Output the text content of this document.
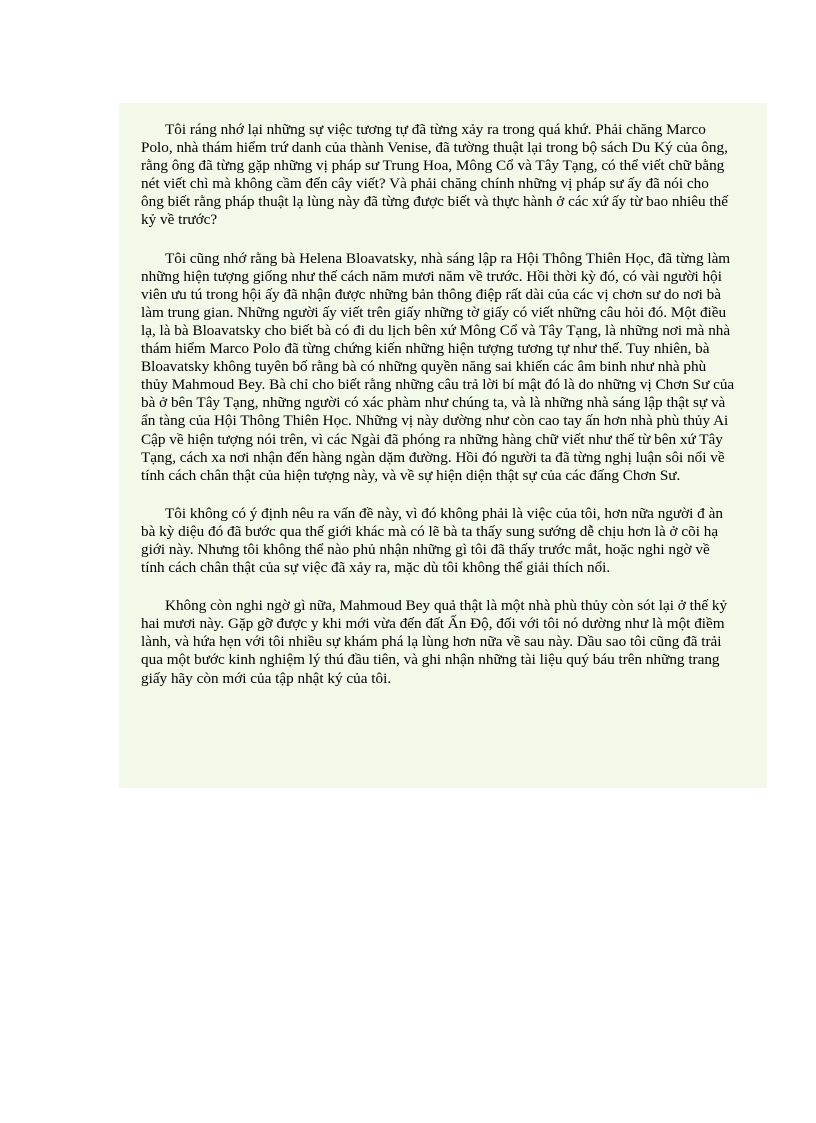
Tôi ráng nhớ lại những sự việc tương tự đã từng xảy ra trong quá khứ. Phải chăng Marco Polo, nhà thám hiểm trứ danh của thành Venise, đã tường thuật lại trong bộ sách Du Ký của ông, rằng ông đã từng gặp những vị pháp sư Trung Hoa, Mông Cổ và Tây Tạng, có thể viết chữ bằng nét viết chì mà không cầm đến cây viết? Và phải chăng chính những vị pháp sư ấy đã nói cho ông biết rằng pháp thuật lạ lùng này đã từng được biết và thực hành ở các xứ ấy từ bao nhiêu thế kỷ về trước?

Tôi cũng nhớ rằng bà Helena Bloavatsky, nhà sáng lập ra Hội Thông Thiên Học, đã từng làm những hiện tượng giống như thế cách năm mươi năm về trước. Hồi thời kỳ đó, có vài người hội viên ưu tú trong hội ấy đã nhận được những bản thông điệp rất dài của các vị chơn sư do nơi bà làm trung gian. Những người ấy viết trên giấy những tờ giấy có viết những câu hỏi đó. Một điều lạ, là bà Bloavatsky cho biết bà có đi du lịch bên xứ Mông Cổ và Tây Tạng, là những nơi mà nhà thám hiểm Marco Polo đã từng chứng kiến những hiện tượng tương tự như thế. Tuy nhiên, bà Bloavatsky không tuyên bố rằng bà có những quyền năng sai khiến các âm binh như nhà phù thủy Mahmoud Bey. Bà chỉ cho biết rằng những câu trả lời bí mật đó là do những vị Chơn Sư của bà ở bên Tây Tạng, những người có xác phàm như chúng ta, và là những nhà sáng lập thật sự và ẩn tàng của Hội Thông Thiên Học. Những vị này dường như còn cao tay ấn hơn nhà phù thủy Ai Cập về hiện tượng nói trên, vì các Ngài đã phóng ra những hàng chữ viết như thế từ bên xứ Tây Tạng, cách xa nơi nhận đến hàng ngàn dặm đường. Hồi đó người ta đã từng nghị luận sôi nổi về tính cách chân thật của hiện tượng này, và về sự hiện diện thật sự của các đấng Chơn Sư.

Tôi không có ý định nêu ra vấn đề này, vì đó không phải là việc của tôi, hơn nữa người đ àn bà kỳ diệu đó đã bước qua thế giới khác mà có lẽ bà ta thấy sung sướng dễ chịu hơn là ở cõi hạ giới này. Nhưng tôi không thể nào phủ nhận những gì tôi đã thấy trước mắt, hoặc nghi ngờ về tính cách chân thật của sự việc đã xảy ra, mặc dù tôi không thể giải thích nổi.

Không còn nghi ngờ gì nữa, Mahmoud Bey quả thật là một nhà phù thủy còn sót lại ở thế kỷ hai mươi này. Gặp gỡ được y khi mới vừa đến đất Ấn Độ, đối với tôi nó dường như là một điềm lành, và hứa hẹn với tôi nhiều sự khám phá lạ lùng hơn nữa về sau này. Dầu sao tôi cũng đã trải qua một bước kinh nghiệm lý thú đầu tiên, và ghi nhận những tài liệu quý báu trên những trang giấy hãy còn mới của tập nhật ký của tôi.
